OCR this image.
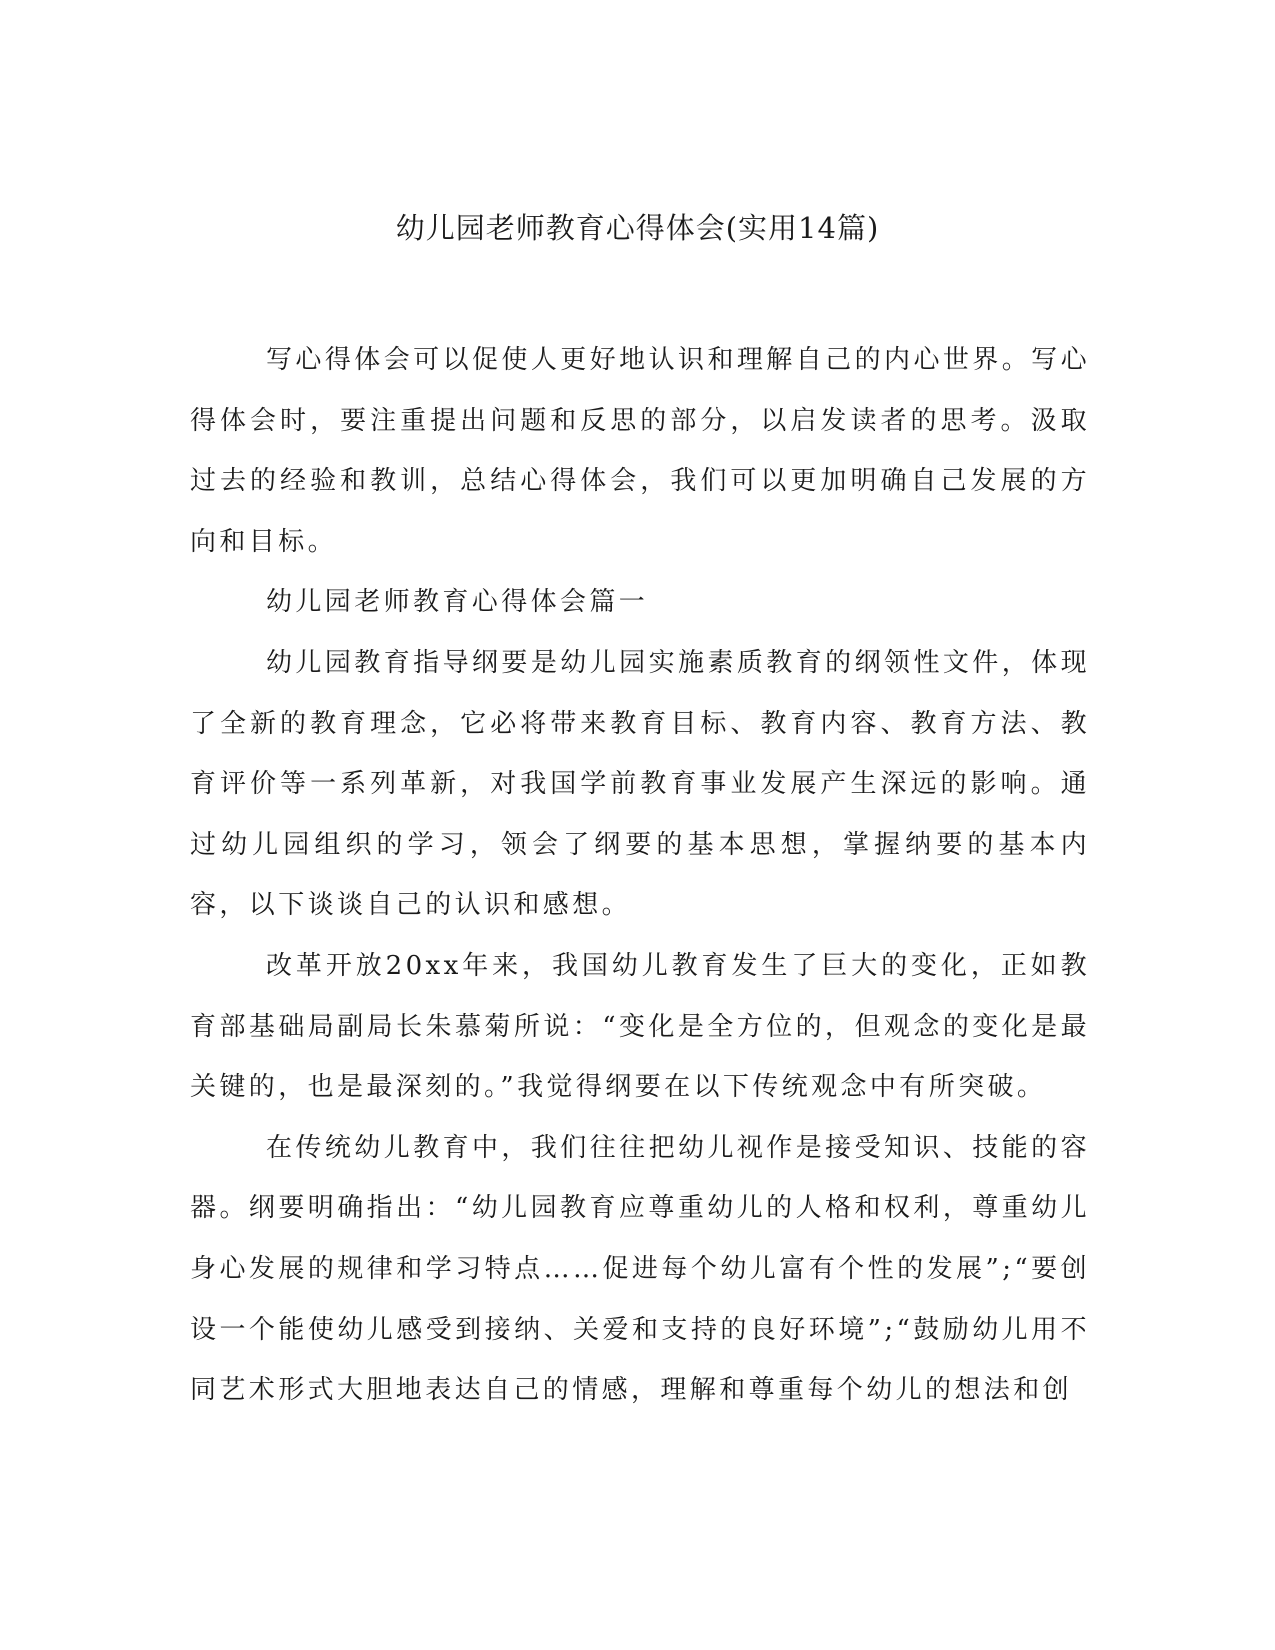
幼儿园老师教育心得体会(实用14篇)

写心得体会可以促使人更好地认识和理解自己的内心世界。写心得体会时，要注重提出问题和反思的部分，以启发读者的思考。汲取过去的经验和教训，总结心得体会，我们可以更加明确自己发展的方向和目标。

幼儿园老师教育心得体会篇一

幼儿园教育指导纲要是幼儿园实施素质教育的纲领性文件，体现了全新的教育理念，它必将带来教育目标、教育内容、教育方法、教育评价等一系列革新，对我国学前教育事业发展产生深远的影响。通过幼儿园组织的学习，领会了纲要的基本思想，掌握纳要的基本内容，以下谈谈自己的认识和感想。

改革开放20xx年来，我国幼儿教育发生了巨大的变化，正如教育部基础局副局长朱慕菊所说：“变化是全方位的，但观念的变化是最关键的，也是最深刻的。”我觉得纲要在以下传统观念中有所突破。

在传统幼儿教育中，我们往往把幼儿视作是接受知识、技能的容器。纲要明确指出：“幼儿园教育应尊重幼儿的人格和权利，尊重幼儿身心发展的规律和学习特点……促进每个幼儿富有个性的发展”;“要创设一个能使幼儿感受到接纳、关爱和支持的良好环境”;“鼓励幼儿用不同艺术形式大胆地表达自己的情感，理解和尊重每个幼儿的想法和创
